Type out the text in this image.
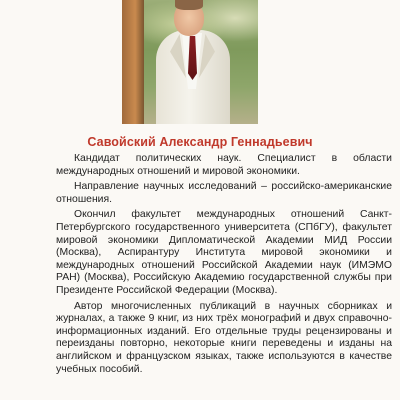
Савойский Александр Геннадьевич

Кандидат политических наук. Специалист в области международных отношений и мировой экономики.

Направление научных исследований – российско-американские отношения.

Окончил факультет международных отношений Санкт-Петербургского государственного университета (СПбГУ), факультет мировой экономики Дипломатической Академии МИД России (Москва), Аспирантуру Института мировой экономики и международных отношений Российской Академии наук (ИМЭМО РАН) (Москва), Российскую Академию государственной службы при Президенте Российской Федерации (Москва).

Автор многочисленных публикаций в научных сборниках и журналах, а также 9 книг, из них трёх монографий и двух справочно-информационных изданий. Его отдельные труды рецензированы и переизданы повторно, некоторые книги переведены и изданы на английском и французском языках, также используются в качестве учебных пособий.
